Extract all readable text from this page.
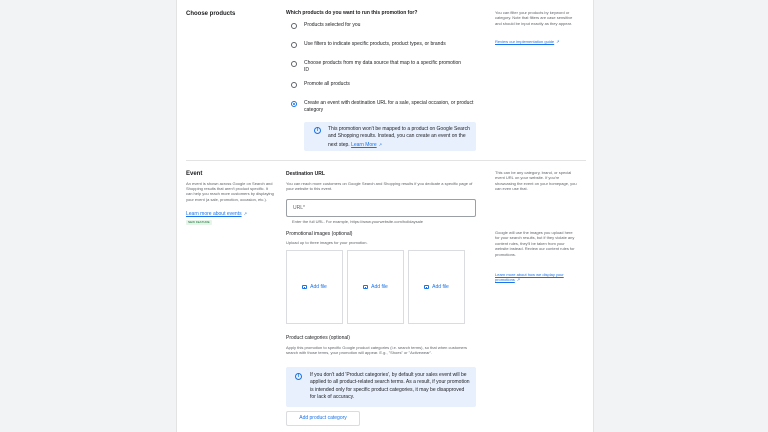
Choose products	Which products do you want to run this promotion for?
Products selected for you
Use filters to indicate specific products, product types, or brands
Choose products from my data source that map to a specific promotion ID
Promote all products
Create an event with destination URL for a sale, special occasion, or product category
i	This promotion won't be mapped to a product on Google Search and Shopping results. Instead, you can create an event on the next step. Learn More ↗
You can filter your products by keyword or category. Note that filters are case sensitive and should be input exactly as they appear.
Review our implementation guide ↗
Event
An event is shown across Google on Search and Shopping results that aren't product specific. It can help you reach more customers by displaying your event (a sale, promotion, occasion, etc.).
Learn more about events ↗
NEW FEATURE
Destination URL
You can reach more customers on Google Search and Shopping results if you dedicate a specific page of your website to this event.
URL*
Enter the full URL. For example, https://www.yourwebsite.com/holidaysale
This can be any category, brand, or special event URL on your website. If you're showcasing the event on your homepage, you can even use that.
Promotional images (optional)
Upload up to three images for your promotion.
Add file	Add file	Add file
Google will use the images you upload here for your search results, but if they violate any content rules, they'll be taken from your website instead. Review our content rules for promotions.
Learn more about how we display your promotions ↗
Product categories (optional)
Apply this promotion to specific Google product categories (i.e. search terms), so that when customers search with those terms, your promotion will appear. E.g., "Shoes" or "Activewear".
i	If you don't add 'Product categories', by default your sales event will be applied to all product-related search terms. As a result, if your promotion is intended only for specific product categories, it may be disapproved for lack of accuracy.
Add product category
